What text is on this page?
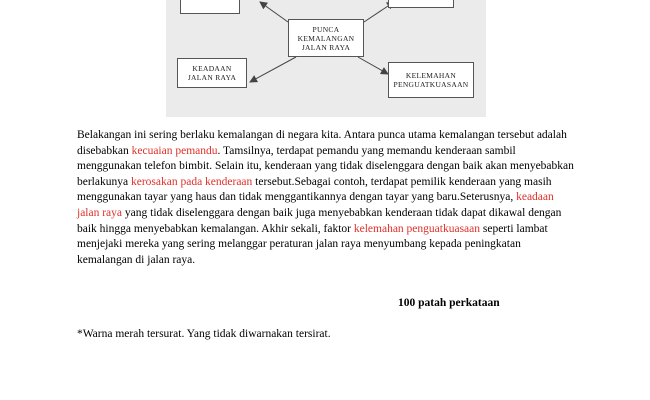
PUNCA
KEMALANGAN
JALAN RAYA
KEADAAN
JALAN RAYA	KELEMAHAN
PENGUATKUASAAN

Belakangan ini sering berlaku kemalangan di negara kita. Antara punca utama kemalangan tersebut adalah disebabkan kecuaian pemandu. Tamsilnya, terdapat pemandu yang memandu kenderaan sambil menggunakan telefon bimbit. Selain itu, kenderaan yang tidak diselenggara dengan baik akan menyebabkan berlakunya kerosakan pada kenderaan tersebut.Sebagai contoh, terdapat pemilik kenderaan yang masih menggunakan tayar yang haus dan tidak menggantikannya dengan tayar yang baru.Seterusnya, keadaan jalan raya yang tidak diselenggara dengan baik juga menyebabkan kenderaan tidak dapat dikawal dengan baik hingga menyebabkan kemalangan. Akhir sekali, faktor kelemahan penguatkuasaan seperti lambat menjejaki mereka yang sering melanggar peraturan jalan raya menyumbang kepada peningkatan kemalangan di jalan raya.

100 patah perkataan

*Warna merah tersurat. Yang tidak diwarnakan tersirat.
